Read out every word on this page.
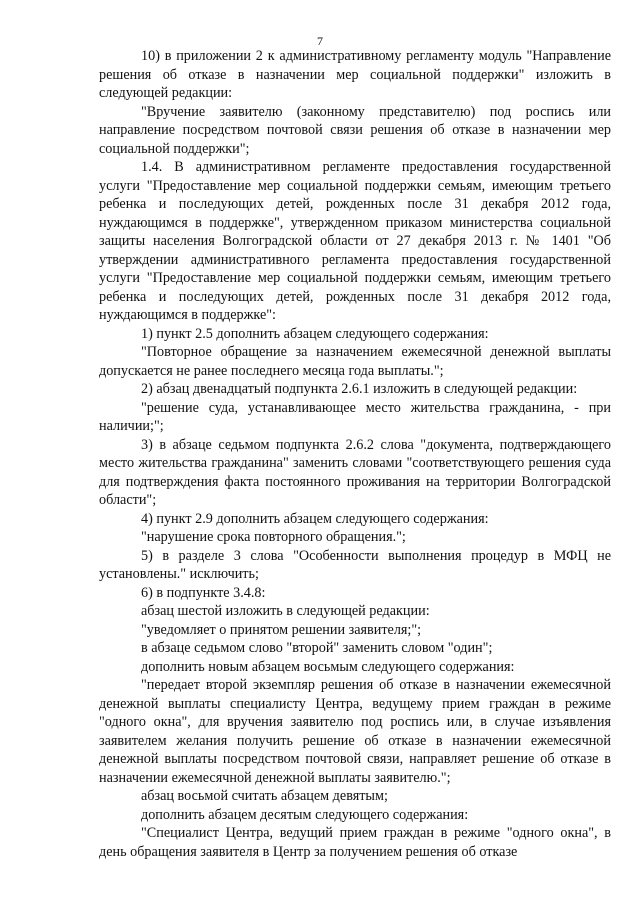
7

10) в приложении 2 к административному регламенту модуль "Направление решения об отказе в назначении мер социальной поддержки" изложить в следующей редакции:

"Вручение заявителю (законному представителю) под роспись или направление посредством почтовой связи решения об отказе в назначении мер социальной поддержки";

1.4. В административном регламенте предоставления государственной услуги "Предоставление мер социальной поддержки семьям, имеющим третьего ребенка и последующих детей, рожденных после 31 декабря 2012 года, нуждающимся в поддержке", утвержденном приказом министерства социальной защиты населения Волгоградской области от 27 декабря 2013 г. № 1401 "Об утверждении административного регламента предоставления государственной услуги "Предоставление мер социальной поддержки семьям, имеющим третьего ребенка и последующих детей, рожденных после 31 декабря 2012 года, нуждающимся в поддержке":

1) пункт 2.5 дополнить абзацем следующего содержания:

"Повторное обращение за назначением ежемесячной денежной выплаты допускается не ранее последнего месяца года выплаты.";

2) абзац двенадцатый подпункта 2.6.1 изложить в следующей редакции:

"решение суда, устанавливающее место жительства гражданина, - при наличии;";

3) в абзаце седьмом подпункта 2.6.2 слова "документа, подтверждающего место жительства гражданина" заменить словами "соответствующего решения суда для подтверждения факта постоянного проживания на территории Волгоградской области";

4) пункт 2.9 дополнить абзацем следующего содержания:

"нарушение срока повторного обращения.";

5) в разделе 3 слова "Особенности выполнения процедур в МФЦ не установлены." исключить;

6) в подпункте 3.4.8:

абзац шестой изложить в следующей редакции:

"уведомляет о принятом решении заявителя;";

в абзаце седьмом слово "второй" заменить словом "один";

дополнить новым абзацем восьмым следующего содержания:

"передает второй экземпляр решения об отказе в назначении ежемесячной денежной выплаты специалисту Центра, ведущему прием граждан в режиме "одного окна", для вручения заявителю под роспись или, в случае изъявления заявителем желания получить решение об отказе в назначении ежемесячной денежной выплаты посредством почтовой связи, направляет решение об отказе в назначении ежемесячной денежной выплаты заявителю.";

абзац восьмой считать абзацем девятым;

дополнить абзацем десятым следующего содержания:

"Специалист Центра, ведущий прием граждан в режиме "одного окна", в день обращения заявителя в Центр за получением решения об отказе
